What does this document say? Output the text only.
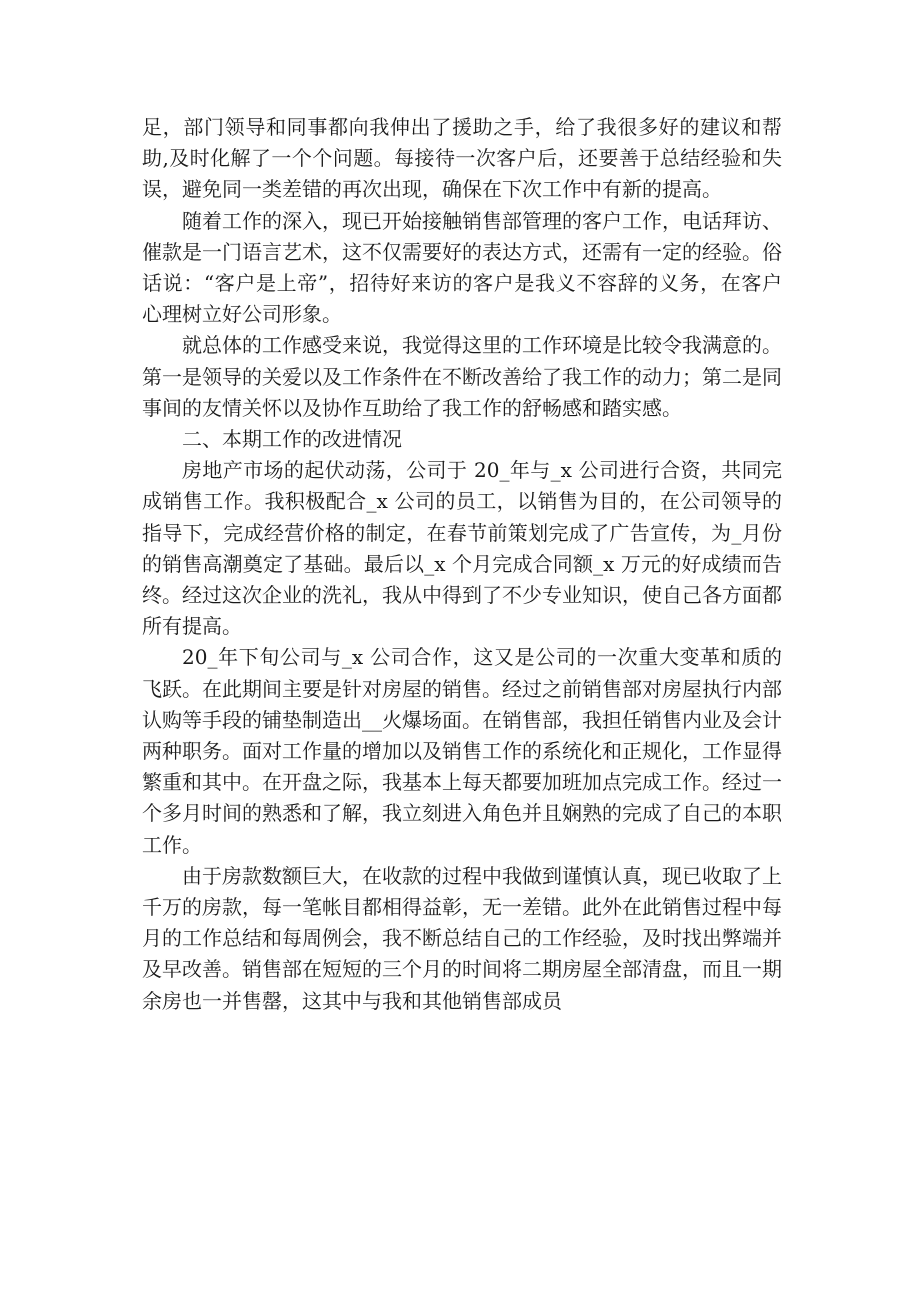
足，部门领导和同事都向我伸出了援助之手，给了我很多好的建议和帮助,及时化解了一个个问题。每接待一次客户后，还要善于总结经验和失误，避免同一类差错的再次出现，确保在下次工作中有新的提高。

随着工作的深入，现已开始接触销售部管理的客户工作，电话拜访、催款是一门语言艺术，这不仅需要好的表达方式，还需有一定的经验。俗话说：“客户是上帝”，招待好来访的客户是我义不容辞的义务，在客户心理树立好公司形象。

就总体的工作感受来说，我觉得这里的工作环境是比较令我满意的。第一是领导的关爱以及工作条件在不断改善给了我工作的动力；第二是同事间的友情关怀以及协作互助给了我工作的舒畅感和踏实感。

二、本期工作的改进情况

房地产市场的起伏动荡，公司于 20_年与_x 公司进行合资，共同完成销售工作。我积极配合_x 公司的员工，以销售为目的，在公司领导的指导下，完成经营价格的制定，在春节前策划完成了广告宣传，为_月份的销售高潮奠定了基础。最后以_x 个月完成合同额_x 万元的好成绩而告终。经过这次企业的洗礼，我从中得到了不少专业知识，使自己各方面都所有提高。

20_年下旬公司与_x 公司合作，这又是公司的一次重大变革和质的飞跃。在此期间主要是针对房屋的销售。经过之前销售部对房屋执行内部认购等手段的铺垫制造出__火爆场面。在销售部，我担任销售内业及会计两种职务。面对工作量的增加以及销售工作的系统化和正规化，工作显得繁重和其中。在开盘之际，我基本上每天都要加班加点完成工作。经过一个多月时间的熟悉和了解，我立刻进入角色并且娴熟的完成了自己的本职工作。

由于房款数额巨大，在收款的过程中我做到谨慎认真，现已收取了上千万的房款，每一笔帐目都相得益彰，无一差错。此外在此销售过程中每月的工作总结和每周例会，我不断总结自己的工作经验，及时找出弊端并及早改善。销售部在短短的三个月的时间将二期房屋全部清盘，而且一期余房也一并售罄，这其中与我和其他销售部成员
